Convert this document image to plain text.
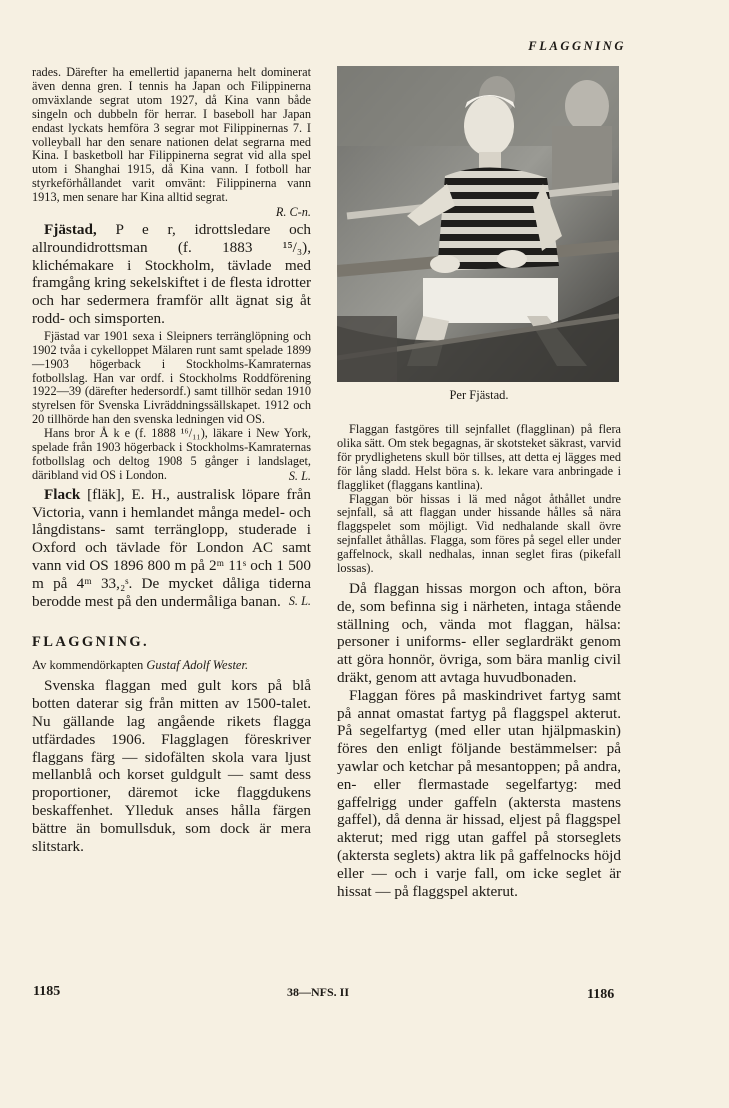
FLAGGNING

rades. Därefter ha emellertid japanerna helt dominerat även denna gren. I tennis ha Japan och Filippinerna omväxlande segrat utom 1927, då Kina vann både singeln och dubbeln för herrar. I baseboll har Japan endast lyckats hemföra 3 segrar mot Filippinernas 7. I volleyball har den senare nationen delat segrarna med Kina. I basketboll har Filippinerna segrat vid alla spel utom i Shanghai 1915, då Kina vann. I fotboll har styrkeförhållandet varit omvänt: Filippinerna vann 1913, men senare har Kina alltid segrat.

R. C-n.

Fjästad, P e r, idrottsledare och allroundidrottsman (f. 1883 ¹⁵/₃), klichémakare i Stockholm, tävlade med framgång kring sekelskiftet i de flesta idrotter och har sedermera framför allt ägnat sig åt rodd- och simsporten.

Fjästad var 1901 sexa i Sleipners terränglöpning och 1902 tvåa i cykelloppet Mälaren runt samt spelade 1899—1903 högerback i Stockholms-Kamraternas fotbollslag. Han var ordf. i Stockholms Roddförening 1922—39 (därefter hedersordf.) samt tillhör sedan 1910 styrelsen för Svenska Livräddningssällskapet. 1912 och 20 tillhörde han den svenska ledningen vid OS.

Hans bror Å k e (f. 1888 ¹⁶/₁₁), läkare i New York, spelade från 1903 högerback i Stockholms-Kamraternas fotbollslag och deltog 1908 5 gånger i landslaget, däribland vid OS i London.	S. L.

Flack [fläk], E. H., australisk löpare från Victoria, vann i hemlandet många medel- och långdistans- samt terränglopp, studerade i Oxford och tävlade för London AC samt vann vid OS 1896 800 m på 2ᵐ 11ˢ och 1 500 m på 4ᵐ 33,₂ˢ. De mycket dåliga tiderna berodde mest på den undermåliga banan. S. L.
FLAGGNING.
Av kommendörkapten Gustaf Adolf Wester.

Svenska flaggan med gult kors på blå botten daterar sig från mitten av 1500-talet. Nu gällande lag angående rikets flagga utfärdades 1906. Flagglagen föreskriver flaggans färg — sidofälten skola vara ljust mellanblå och korset guldgult — samt dess proportioner, däremot icke flaggdukens beskaffenhet. Ylleduk anses hålla färgen bättre än bomullsduk, som dock är mera slitstark.

Per Fjästad.

Flaggan fastgöres till sejnfallet (flagglinan) på flera olika sätt. Om stek begagnas, är skotsteket säkrast, varvid för prydlighetens skull bör tillses, att detta ej lägges med för lång sladd. Helst böra s. k. lekare vara anbringade i flaggliket (flaggans kantlina).

Flaggan bör hissas i lä med något åthållet undre sejnfall, så att flaggan under hissande hålles så nära flaggspelet som möjligt. Vid nedhalande skall övre sejnfallet åthållas. Flagga, som föres på segel eller under gaffelnock, skall nedhalas, innan seglet firas (pikefall lossas).

Då flaggan hissas morgon och afton, böra de, som befinna sig i närheten, intaga stående ställning och, vända mot flaggan, hälsa: personer i uniforms- eller seglardräkt genom att göra honnör, övriga, som bära manlig civil dräkt, genom att avtaga huvudbonaden.

Flaggan föres på maskindrivet fartyg samt på annat omastat fartyg på flaggspel akterut. På segelfartyg (med eller utan hjälpmaskin) föres den enligt följande bestämmelser: på yawlar och ketchar på mesantoppen; på andra, en- eller flermastade segelfartyg: med gaffelrigg under gaffeln (aktersta mastens gaffel), då denna är hissad, eljest på flaggspel akterut; med rigg utan gaffel på storseglets (aktersta seglets) aktra lik på gaffelnocks höjd eller — och i varje fall, om icke seglet är hissat — på flaggspel akterut.

1185	38—NFS. II	1186
